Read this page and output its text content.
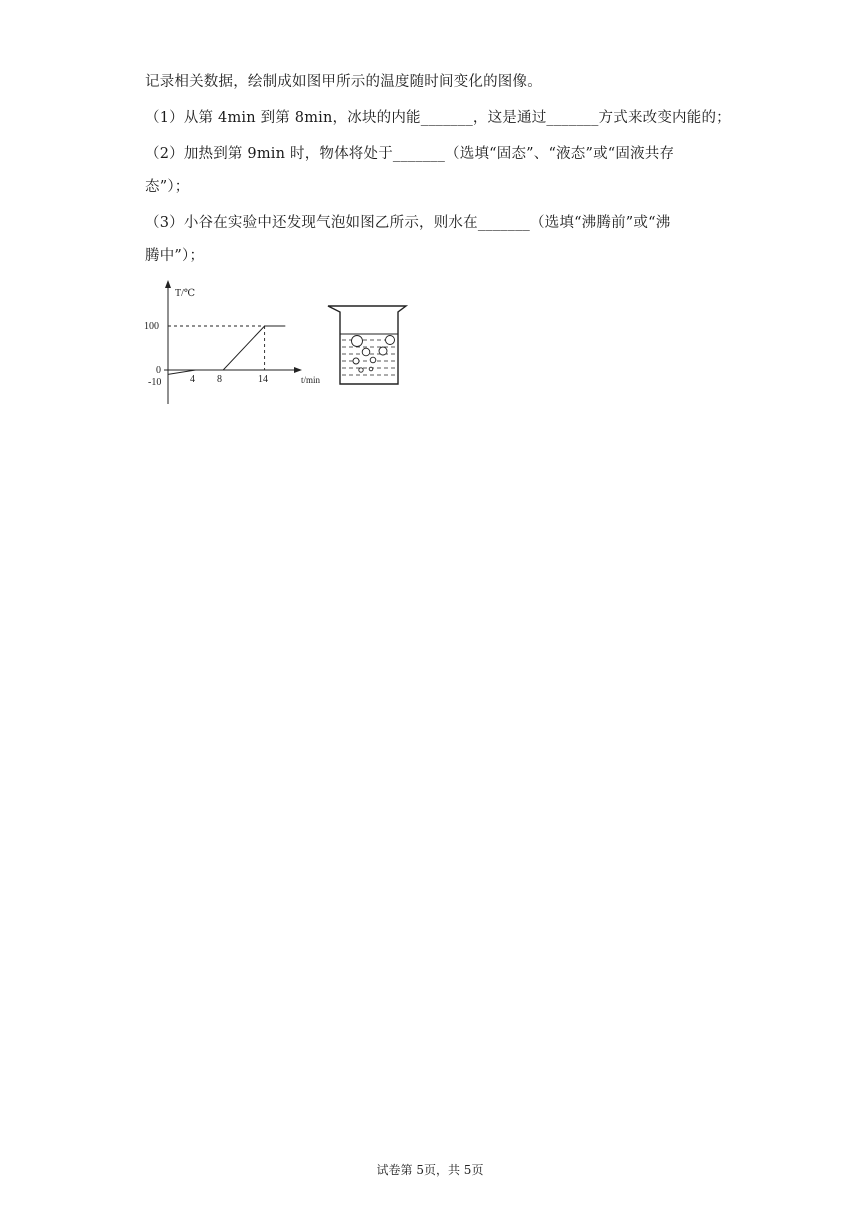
记录相关数据，绘制成如图甲所示的温度随时间变化的图像。
（1）从第 4min 到第 8min，冰块的内能_______，这是通过_______方式来改变内能的；
（2）加热到第 9min 时，物体将处于_______（选填“固态”、“液态”或“固液共存
态”）；
（3）小谷在实验中还发现气泡如图乙所示，则水在_______（选填“沸腾前”或“沸
腾中”）；
T/℃
t/min
100
0
-10	4 8	14
试卷第 5页，共 5页
